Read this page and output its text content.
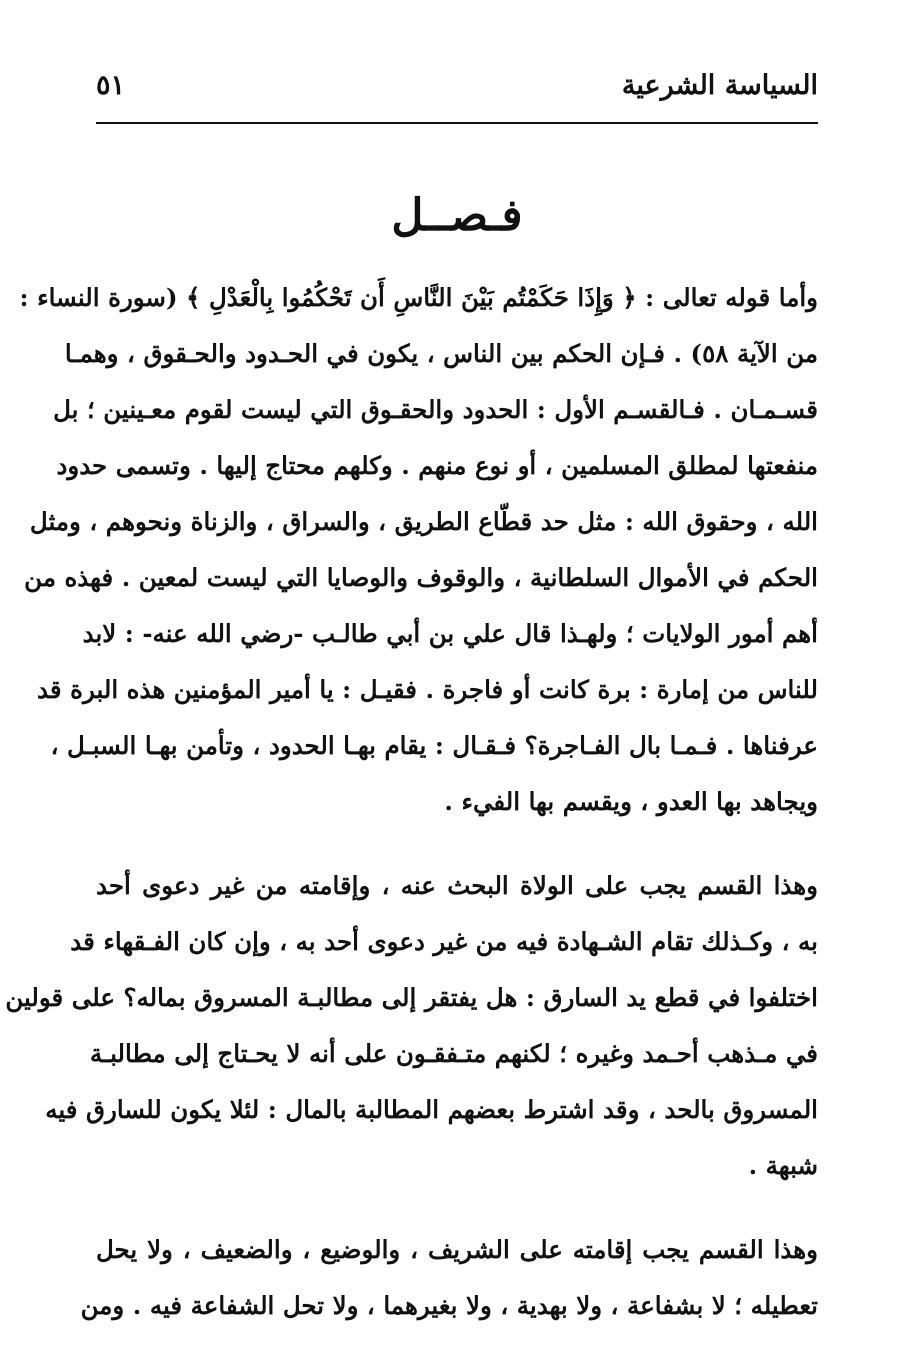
السياسة الشرعية
٥١
فـصــل
وأما قوله تعالى : ﴿ وَإِذَا حَكَمْتُم بَيْنَ النَّاسِ أَن تَحْكُمُوا بِالْعَدْلِ ﴾ (سورة النساء :
من الآية ٥٨) . فـإن الحكم بين الناس ، يكون في الحـدود والحـقوق ، وهمـا
قسـمـان . فـالقسـم الأول : الحدود والحقـوق التي ليست لقوم معـينين ؛ بل
منفعتها لمطلق المسلمين ، أو نوع منهم . وكلهم محتاج إليها . وتسمى حدود
الله ، وحقوق الله : مثل حد قطّاع الطريق ، والسراق ، والزناة ونحوهم ، ومثل
الحكم في الأموال السلطانية ، والوقوف والوصايا التي ليست لمعين . فهذه من
أهم أمور الولايات ؛ ولهـذا قال علي بن أبي طالـب -رضي الله عنه- : لابد
للناس من إمارة : برة كانت أو فاجرة . فقيـل : يا أمير المؤمنين هذه البرة قد
عرفناها . فـمـا بال الفـاجرة؟ فـقـال : يقام بهـا الحدود ، وتأمن بهـا السبـل ،
ويجاهد بها العدو ، ويقسم بها الفيء .
وهذا القسم يجب على الولاة البحث عنه ، وإقامته من غير دعوى أحد
به ، وكـذلك تقام الشـهادة فيه من غير دعوى أحد به ، وإن كان الفـقهاء قد
اختلفوا في قطع يد السارق : هل يفتقر إلى مطالبـة المسروق بماله؟ على قولين
في مـذهب أحـمد وغيره ؛ لكنهم متـفقـون على أنه لا يحـتاج إلى مطالبـة
المسروق بالحد ، وقد اشترط بعضهم المطالبة بالمال : لئلا يكون للسارق فيه
شبهة .
وهذا القسم يجب إقامته على الشريف ، والوضيع ، والضعيف ، ولا يحل
تعطيله ؛ لا بشفاعة ، ولا بهدية ، ولا بغيرهما ، ولا تحل الشفاعة فيه . ومن
